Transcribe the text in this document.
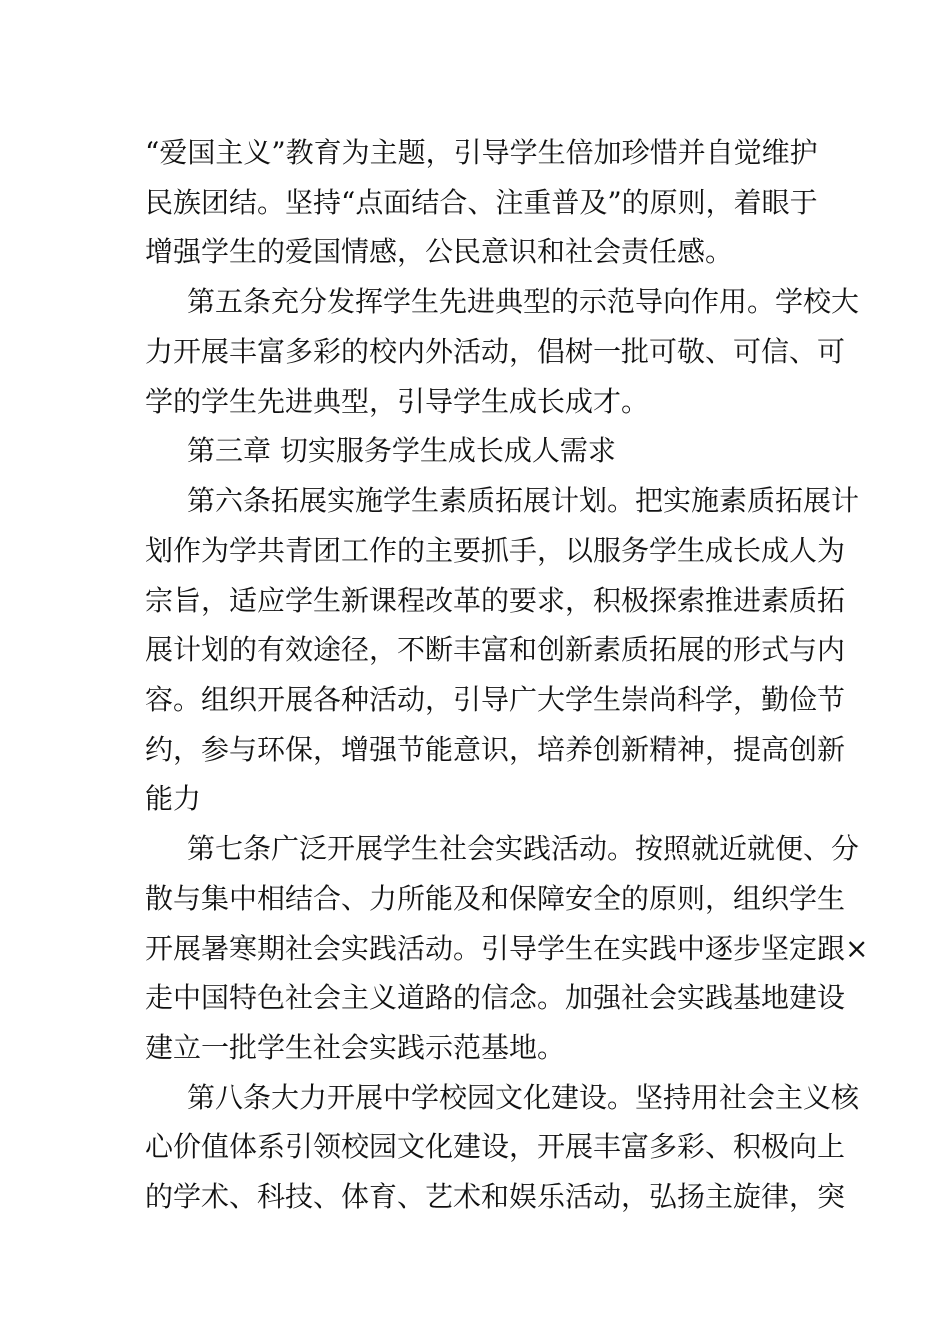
“爱国主义”教育为主题，引导学生倍加珍惜并自觉维护
民族团结。坚持“点面结合、注重普及”的原则，着眼于
增强学生的爱国情感，公民意识和社会责任感。
第五条充分发挥学生先进典型的示范导向作用。学校大
力开展丰富多彩的校内外活动，倡树一批可敬、可信、可
学的学生先进典型，引导学生成长成才。
第三章 切实服务学生成长成人需求
第六条拓展实施学生素质拓展计划。把实施素质拓展计
划作为学共青团工作的主要抓手，以服务学生成长成人为
宗旨，适应学生新课程改革的要求，积极探索推进素质拓
展计划的有效途径，不断丰富和创新素质拓展的形式与内
容。组织开展各种活动，引导广大学生崇尚科学，勤俭节
约，参与环保，增强节能意识，培养创新精神，提高创新
能力
第七条广泛开展学生社会实践活动。按照就近就便、分
散与集中相结合、力所能及和保障安全的原则，组织学生
开展暑寒期社会实践活动。引导学生在实践中逐步坚定跟×
走中国特色社会主义道路的信念。加强社会实践基地建设
建立一批学生社会实践示范基地。
第八条大力开展中学校园文化建设。坚持用社会主义核
心价值体系引领校园文化建设，开展丰富多彩、积极向上
的学术、科技、体育、艺术和娱乐活动，弘扬主旋律，突
